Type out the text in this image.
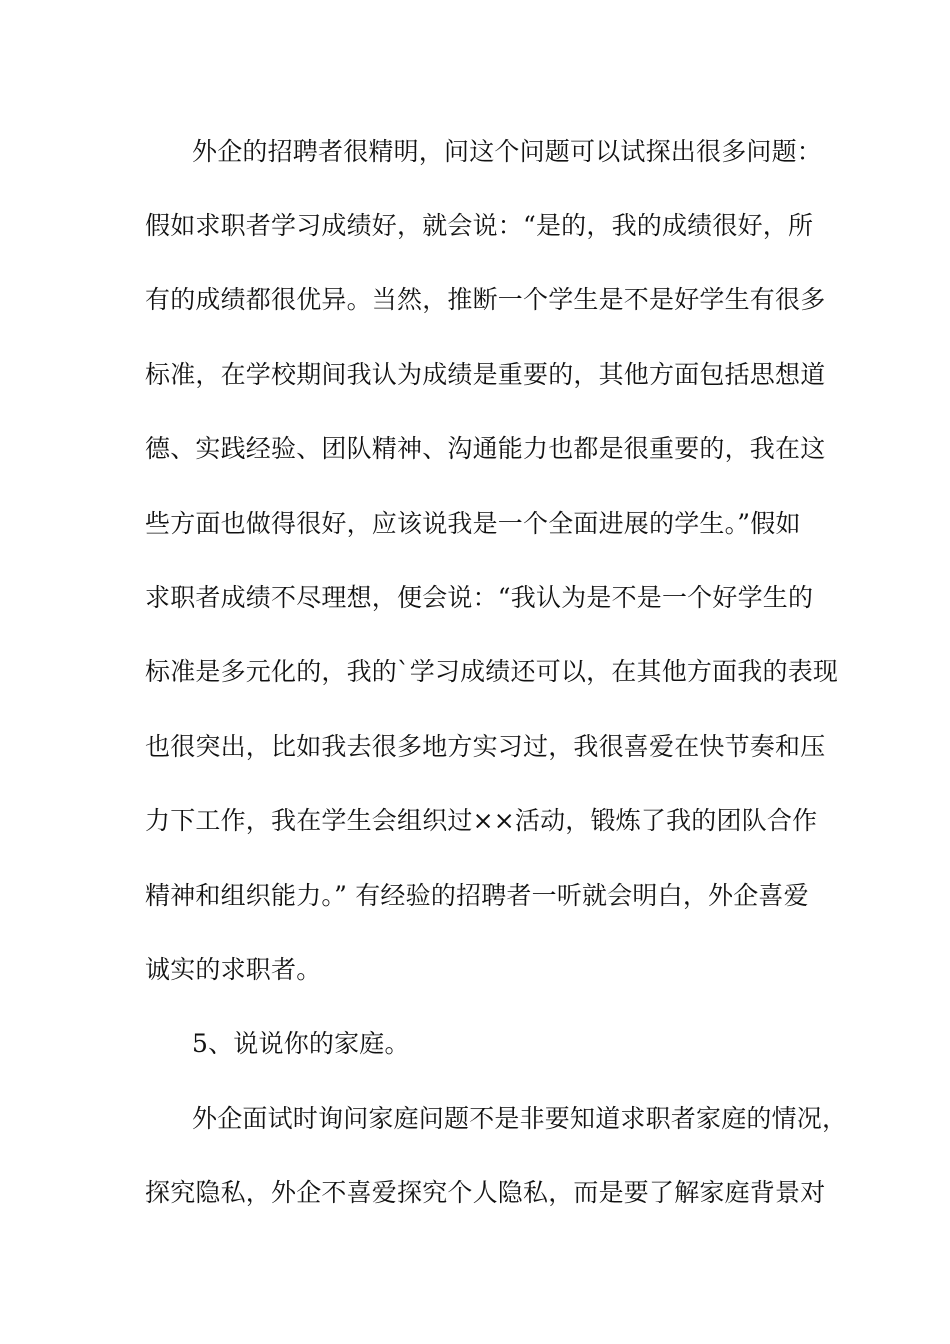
外企的招聘者很精明，问这个问题可以试探出很多问题：
假如求职者学习成绩好，就会说：“是的，我的成绩很好，所
有的成绩都很优异。当然，推断一个学生是不是好学生有很多
标准，在学校期间我认为成绩是重要的，其他方面包括思想道
德、实践经验、团队精神、沟通能力也都是很重要的，我在这
些方面也做得很好，应该说我是一个全面进展的学生。”假如
求职者成绩不尽理想，便会说：“我认为是不是一个好学生的
标准是多元化的，我的`学习成绩还可以，在其他方面我的表现
也很突出，比如我去很多地方实习过，我很喜爱在快节奏和压
力下工作，我在学生会组织过××活动，锻炼了我的团队合作
精神和组织能力。” 有经验的招聘者一听就会明白，外企喜爱
诚实的求职者。
5、说说你的家庭。
外企面试时询问家庭问题不是非要知道求职者家庭的情况，
探究隐私，外企不喜爱探究个人隐私，而是要了解家庭背景对
